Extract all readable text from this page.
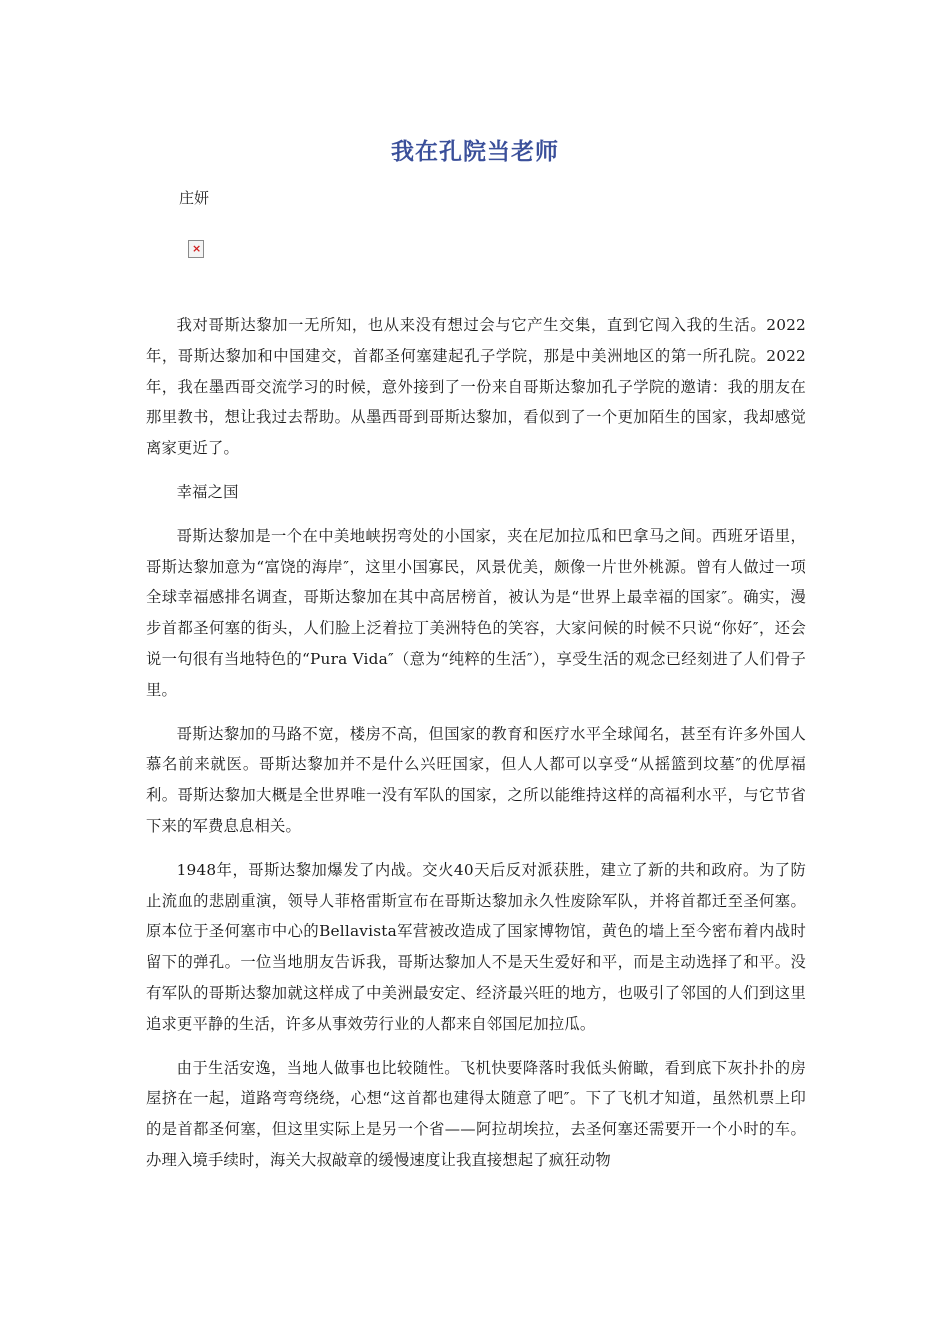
我在孔院当老师
庄妍
×

我对哥斯达黎加一无所知，也从来没有想过会与它产生交集，直到它闯入我的生活。2022年，哥斯达黎加和中国建交，首都圣何塞建起孔子学院，那是中美洲地区的第一所孔院。2022年，我在墨西哥交流学习的时候，意外接到了一份来自哥斯达黎加孔子学院的邀请：我的朋友在那里教书，想让我过去帮助。从墨西哥到哥斯达黎加，看似到了一个更加陌生的国家，我却感觉离家更近了。

幸福之国

哥斯达黎加是一个在中美地峡拐弯处的小国家，夹在尼加拉瓜和巴拿马之间。西班牙语里，哥斯达黎加意为“富饶的海岸″，这里小国寡民，风景优美，颇像一片世外桃源。曾有人做过一项全球幸福感排名调查，哥斯达黎加在其中高居榜首，被认为是“世界上最幸福的国家″。确实，漫步首都圣何塞的街头，人们脸上泛着拉丁美洲特色的笑容，大家问候的时候不只说“你好″，还会说一句很有当地特色的“Pura Vida″（意为“纯粹的生活″），享受生活的观念已经刻进了人们骨子里。

哥斯达黎加的马路不宽，楼房不高，但国家的教育和医疗水平全球闻名，甚至有许多外国人慕名前来就医。哥斯达黎加并不是什么兴旺国家，但人人都可以享受“从摇篮到坟墓″的优厚福利。哥斯达黎加大概是全世界唯一没有军队的国家，之所以能维持这样的高福利水平，与它节省下来的军费息息相关。

1948年，哥斯达黎加爆发了内战。交火40天后反对派获胜，建立了新的共和政府。为了防止流血的悲剧重演，领导人菲格雷斯宣布在哥斯达黎加永久性废除军队，并将首都迁至圣何塞。原本位于圣何塞市中心的Bellavista军营被改造成了国家博物馆，黄色的墙上至今密布着内战时留下的弹孔。一位当地朋友告诉我，哥斯达黎加人不是天生爱好和平，而是主动选择了和平。没有军队的哥斯达黎加就这样成了中美洲最安定、经济最兴旺的地方，也吸引了邻国的人们到这里追求更平静的生活，许多从事效劳行业的人都来自邻国尼加拉瓜。

由于生活安逸，当地人做事也比较随性。飞机快要降落时我低头俯瞰，看到底下灰扑扑的房屋挤在一起，道路弯弯绕绕，心想“这首都也建得太随意了吧″。下了飞机才知道，虽然机票上印的是首都圣何塞，但这里实际上是另一个省——阿拉胡埃拉，去圣何塞还需要开一个小时的车。办理入境手续时，海关大叔敲章的缓慢速度让我直接想起了疯狂动物
